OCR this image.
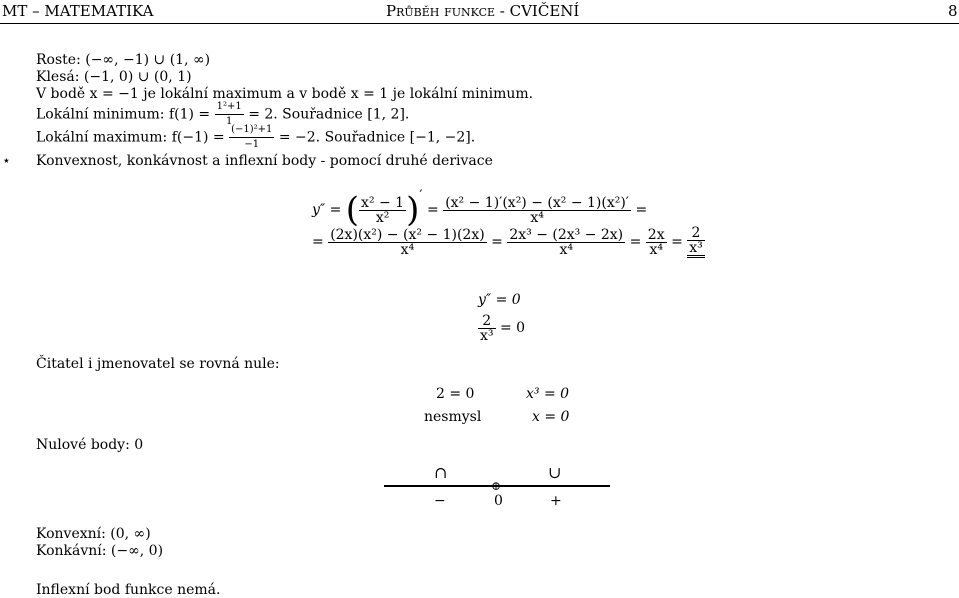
MT – MATEMATIKA	Průběh funkce - CVIČENÍ	8
Roste: (−∞, −1) ∪ (1, ∞)
Klesá: (−1, 0) ∪ (0, 1)
V bodě x = −1 je lokální maximum a v bodě x = 1 je lokální minimum.
Lokální minimum: $f(1) = \frac{\text{1²+1}}{1} = 2$. Souřadnice [1, 2].
Lokální maximum: $f(-1) = \frac{\text{(−1)²+1}}{-1} = -2$. Souřadnice [−1, −2].
⋆ Konvexnost, konkávnost a inflexní body - pomocí druhé derivace
y″ = ( $\frac{\text{x² − 1}}{\text{x²}}$ )′ = $\frac{\text{(x² − 1)′(x²) − (x² − 1)(x²)′}}{\text{x⁴}}$ =
= $\frac{\text{(2x)(x²) − (x² − 1)(2x)}}{\text{x⁴}} = \frac{\text{2x³ − (2x³ − 2x)}}{\text{x⁴}} = \frac{2x}{\text{x⁴}} = \frac{2}{\text{x³}}$
y″ = 0
$\frac{2}{\text{x³}} = 0$
Čitatel i jmenovatel se rovná nule:
2 = 0
nesmysl
x³ = 0
x = 0
Nulové body: 0
∩	∪
⊕
−	0	+
Konvexní: (0, ∞)
Konkávní: (−∞, 0)
Inflexní bod funkce nemá.
